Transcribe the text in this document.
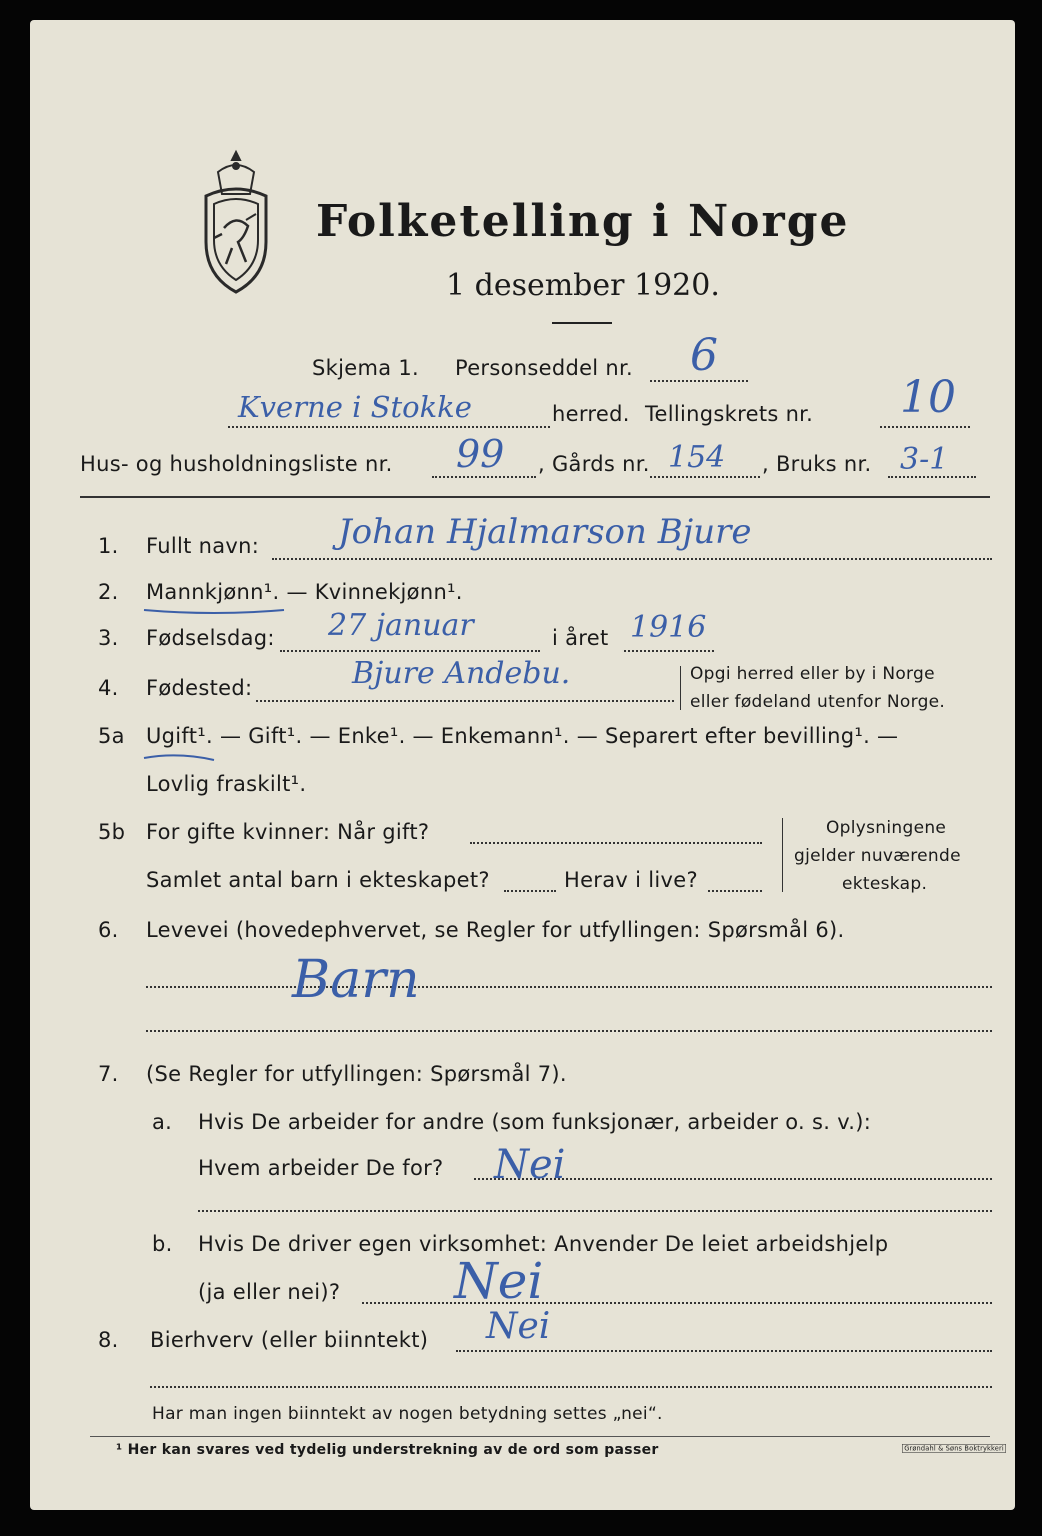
Folketelling i Norge
1 desember 1920.
Skjema 1. Personseddel nr. 6
Kverne i Stokke	herred. Tellingskrets nr. 10
Hus- og husholdningsliste nr. 99 , Gårds nr. 154 , Bruks nr. 3-1
1. Fullt navn: Johan Hjalmarson Bjure
2. Mannkjønn¹. — Kvinnekjønn¹.
3. Fødselsdag: 27 januar	i året 1916
4. Fødested:	Bjure Andebu.	Opgi herred eller by i Norge
eller fødeland utenfor Norge.
5a Ugift¹. — Gift¹. — Enke¹. — Enkemann¹. — Separert efter bevilling¹. —
Lovlig fraskilt¹.
5b For gifte kvinner: Når gift?
Samlet antal barn i ekteskapet?	Herav i live?
Oplysningene
gjelder nuværende
ekteskap.
6. Levevei (hovedерhvervet, se Regler for utfyllingen: Spørsmål 6).
Barn
7. (Se Regler for utfyllingen: Spørsmål 7).
a. Hvis De arbeider for andre (som funksjonær, arbeider o. s. v.):
Hvem arbeider De for? Nei
b. Hvis De driver egen virksomhet: Anvender De leiet arbeidshjelp
(ja eller nei)? Nei
8. Bierhverv (eller biinntekt) Nei
Har man ingen biinntekt av nogen betydning settes „nei“.
¹ Her kan svares ved tydelig understrekning av de ord som passer	Grøndahl & Søns Boktrykkeri
